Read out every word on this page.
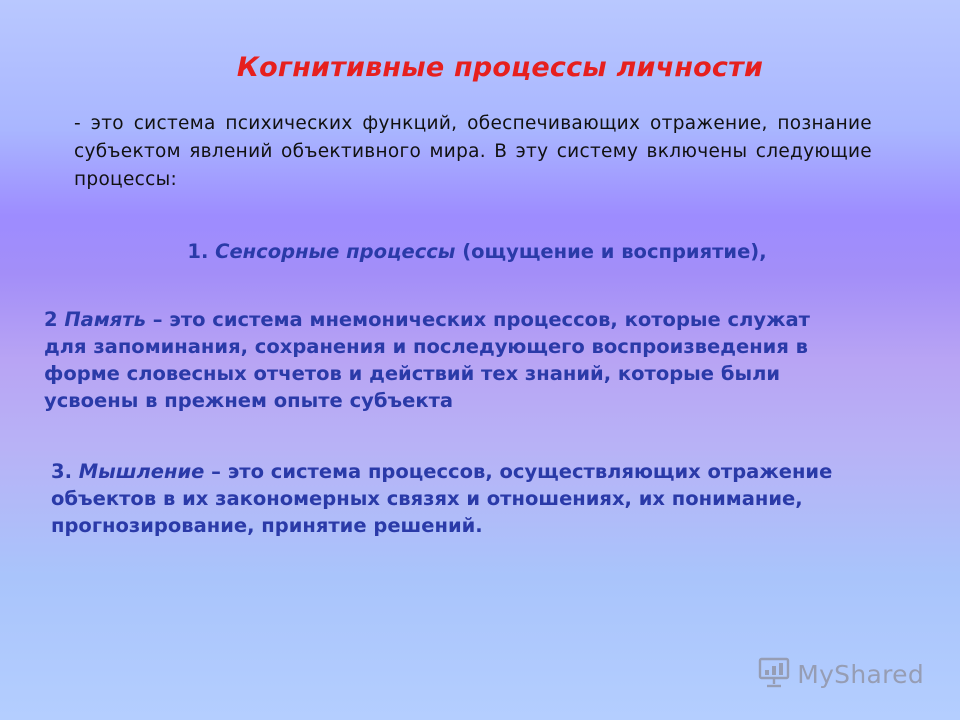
Когнитивные процессы личности
- это система психических функций, обеспечивающих отражение, познание субъектом явлений объективного мира. В эту систему включены следующие процессы:
1. Сенсорные процессы (ощущение и восприятие),
2 Память – это система мнемонических процессов, которые служат для запоминания, сохранения и последующего воспроизведения в форме словесных отчетов и действий тех знаний, которые были усвоены в прежнем опыте субъекта
3. Мышление – это система процессов, осуществляющих отражение объектов в их закономерных связях и отношениях, их понимание, прогнозирование, принятие решений.
MyShared
